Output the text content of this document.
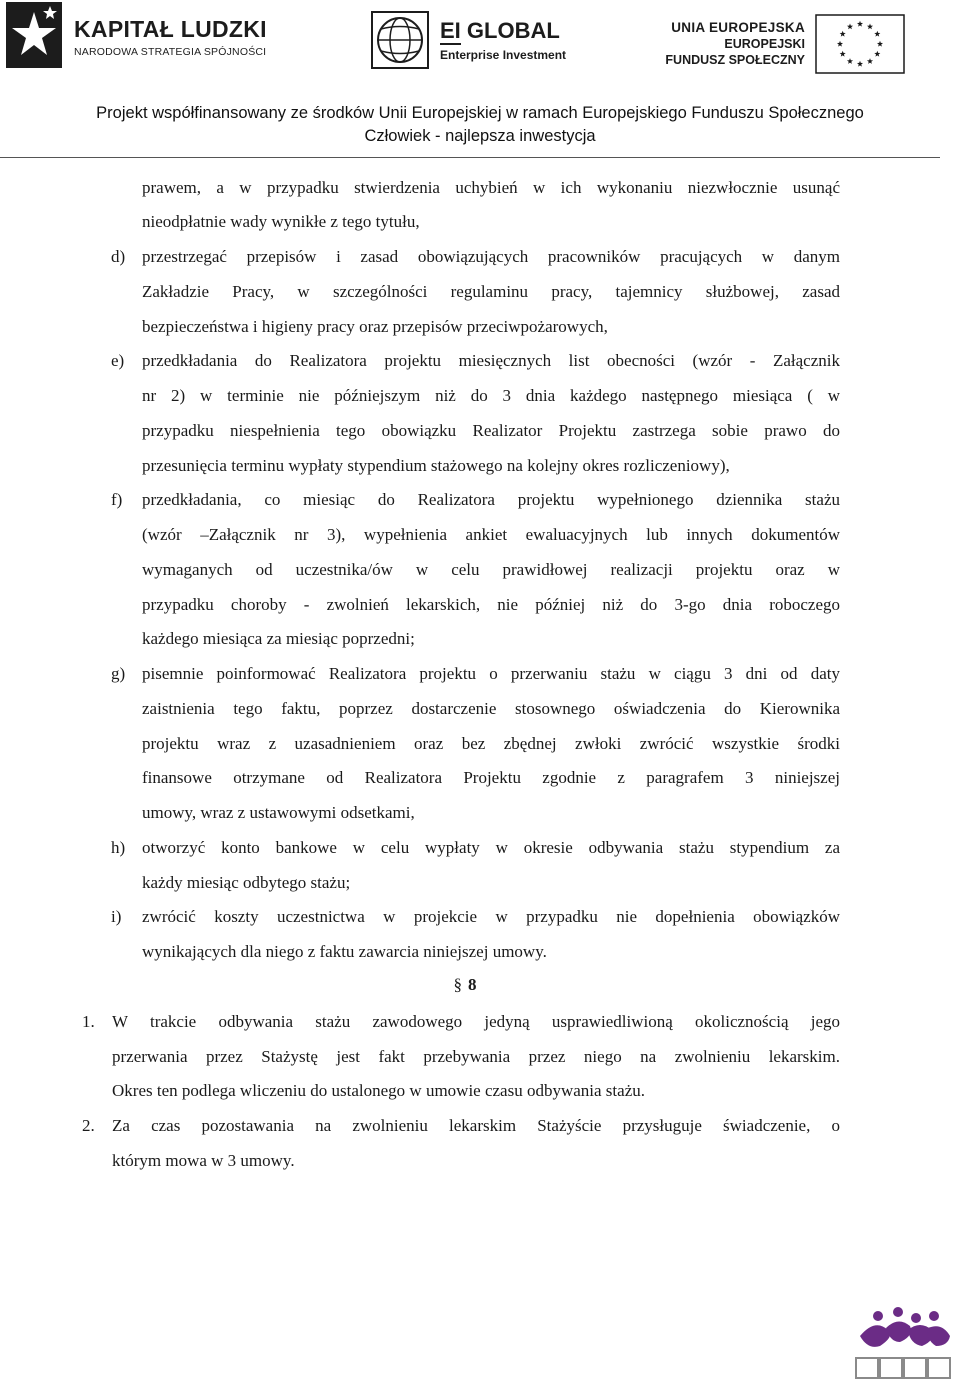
KAPITAŁ LUDZKI
NARODOWA STRATEGIA SPÓJNOŚCI
EI GLOBAL
Enterprise Investment
UNIA EUROPEJSKA
EUROPEJSKI
FUNDUSZ SPOŁECZNY
Projekt współfinansowany ze środków Unii Europejskiej w ramach Europejskiego Funduszu Społecznego
Człowiek - najlepsza inwestycja
prawem, a w przypadku stwierdzenia uchybień w ich wykonaniu niezwłocznie usunąć
nieodpłatnie wady wynikłe z tego tytułu,
d) przestrzegać przepisów i zasad obowiązujących pracowników pracujących w danym
Zakładzie Pracy, w szczególności regulaminu pracy, tajemnicy służbowej, zasad
bezpieczeństwa i higieny pracy oraz przepisów przeciwpożarowych,
e) przedkładania do Realizatora projektu miesięcznych list obecności (wzór - Załącznik
nr 2) w terminie nie późniejszym niż do 3 dnia każdego następnego miesiąca ( w
przypadku niespełnienia tego obowiązku Realizator Projektu zastrzega sobie prawo do
przesunięcia terminu wypłaty stypendium stażowego na kolejny okres rozliczeniowy),
f) przedkładania, co miesiąc do Realizatora projektu wypełnionego dziennika stażu
(wzór –Załącznik nr 3), wypełnienia ankiet ewaluacyjnych lub innych dokumentów
wymaganych od uczestnika/ów w celu prawidłowej realizacji projektu oraz w
przypadku choroby - zwolnień lekarskich, nie później niż do 3-go dnia roboczego
każdego miesiąca za miesiąc poprzedni;
g) pisemnie poinformować Realizatora projektu o przerwaniu stażu w ciągu 3 dni od daty
zaistnienia tego faktu, poprzez dostarczenie stosownego oświadczenia do Kierownika
projektu wraz z uzasadnieniem oraz bez zbędnej zwłoki zwrócić wszystkie środki
finansowe otrzymane od Realizatora Projektu zgodnie z paragrafem 3 niniejszej
umowy, wraz z ustawowymi odsetkami,
h) otworzyć konto bankowe w celu wypłaty w okresie odbywania stażu stypendium za
każdy miesiąc odbytego stażu;
i) zwrócić koszty uczestnictwa w projekcie w przypadku nie dopełnienia obowiązków
wynikających dla niego z faktu zawarcia niniejszej umowy.
§ 8
1. W trakcie odbywania stażu zawodowego jedyną usprawiedliwioną okolicznością jego
przerwania przez Stażystę jest fakt przebywania przez niego na zwolnieniu lekarskim.
Okres ten podlega wliczeniu do ustalonego w umowie czasu odbywania stażu.
2. Za czas pozostawania na zwolnieniu lekarskim Stażyście przysługuje świadczenie, o
którym mowa w 3 umowy.
